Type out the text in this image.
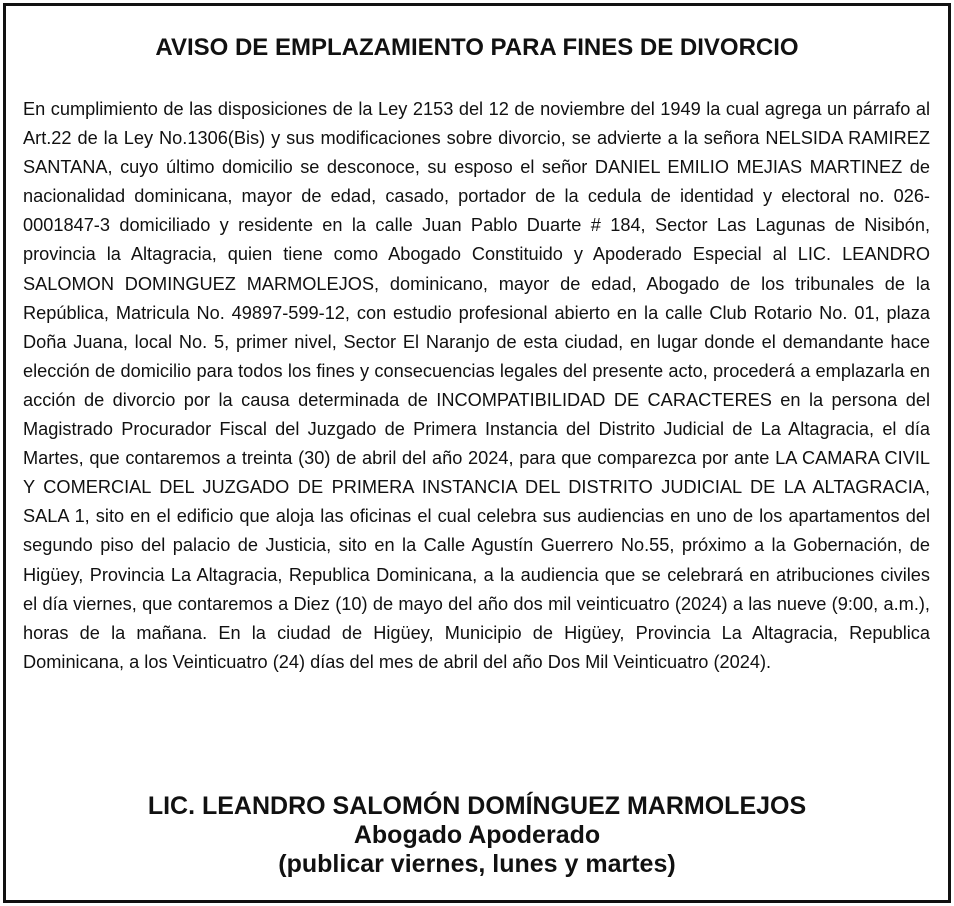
AVISO DE EMPLAZAMIENTO PARA FINES DE DIVORCIO

En cumplimiento de las disposiciones de la Ley 2153 del 12 de noviembre del 1949 la cual agrega un párrafo al Art.22 de la Ley No.1306(Bis) y sus modificaciones sobre divorcio, se advierte a la señora NELSIDA RAMIREZ SANTANA, cuyo último domicilio se desconoce, su esposo el señor DANIEL EMILIO MEJIAS MARTINEZ de nacionalidad dominicana, mayor de edad, casado, portador de la cedula de identidad y electoral no. 026-0001847-3 domiciliado y residente en la calle Juan Pablo Duarte # 184, Sector Las Lagunas de Nisibón, provincia la Altagracia, quien tiene como Abogado Constituido y Apoderado Especial al LIC. LEANDRO SALOMON DOMINGUEZ MARMOLEJOS, dominicano, mayor de edad, Abogado de los tribunales de la República, Matricula No. 49897-599-12, con estudio profesional abierto en la calle Club Rotario No. 01, plaza Doña Juana, local No. 5, primer nivel, Sector El Naranjo de esta ciudad, en lugar donde el demandante hace elección de domicilio para todos los fines y consecuencias legales del presente acto, procederá a emplazarla en acción de divorcio por la causa determinada de INCOMPATIBILIDAD DE CARACTERES en la persona del Magistrado Procurador Fiscal del Juzgado de Primera Instancia del Distrito Judicial de La Altagracia, el día Martes, que contaremos a treinta (30) de abril del año 2024, para que comparezca por ante LA CAMARA CIVIL Y COMERCIAL DEL JUZGADO DE PRIMERA INSTANCIA DEL DISTRITO JUDICIAL DE LA ALTAGRACIA, SALA 1, sito en el edificio que aloja las oficinas el cual celebra sus audiencias en uno de los apartamentos del segundo piso del palacio de Justicia, sito en la Calle Agustín Guerrero No.55, próximo a la Gobernación, de Higüey, Provincia La Altagracia, Republica Dominicana, a la audiencia que se celebrará en atribuciones civiles el día viernes, que contaremos a Diez (10) de mayo del año dos mil veinticuatro (2024) a las nueve (9:00, a.m.), horas de la mañana. En la ciudad de Higüey, Municipio de Higüey, Provincia La Altagracia, Republica Dominicana, a los Veinticuatro (24) días del mes de abril del año Dos Mil Veinticuatro (2024).

LIC. LEANDRO SALOMÓN DOMÍNGUEZ MARMOLEJOS
Abogado Apoderado
(publicar viernes, lunes y martes)
